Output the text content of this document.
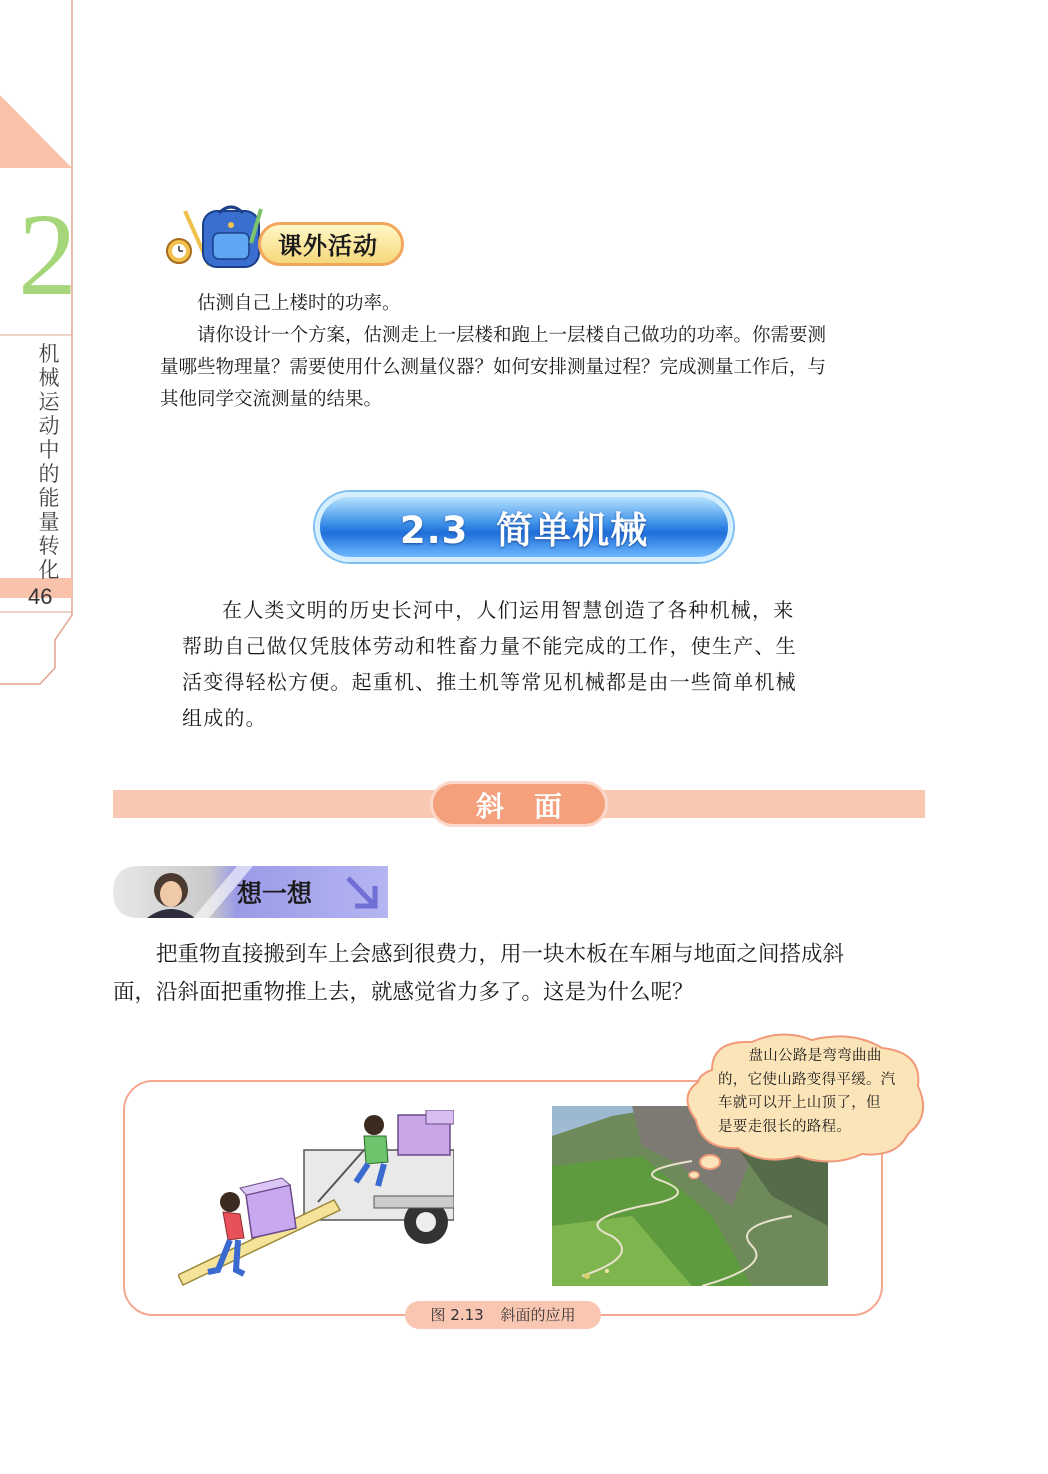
2
机械运动中的能量转化
46
课外活动
估测自己上楼时的功率。
请你设计一个方案，估测走上一层楼和跑上一层楼自己做功的功率。你需要测
量哪些物理量？需要使用什么测量仪器？如何安排测量过程？完成测量工作后，与
其他同学交流测量的结果。
2.3  简单机械
在人类文明的历史长河中，人们运用智慧创造了各种机械，来
帮助自己做仅凭肢体劳动和牲畜力量不能完成的工作，使生产、生
活变得轻松方便。起重机、推土机等常见机械都是由一些简单机械
组成的。
斜面
想一想
把重物直接搬到车上会感到很费力，用一块木板在车厢与地面之间搭成斜
面，沿斜面把重物推上去，就感觉省力多了。这是为什么呢？
盘山公路是弯弯曲曲
的，它使山路变得平缓。汽
车就可以开上山顶了，但
是要走很长的路程。
图 2.13 斜面的应用
